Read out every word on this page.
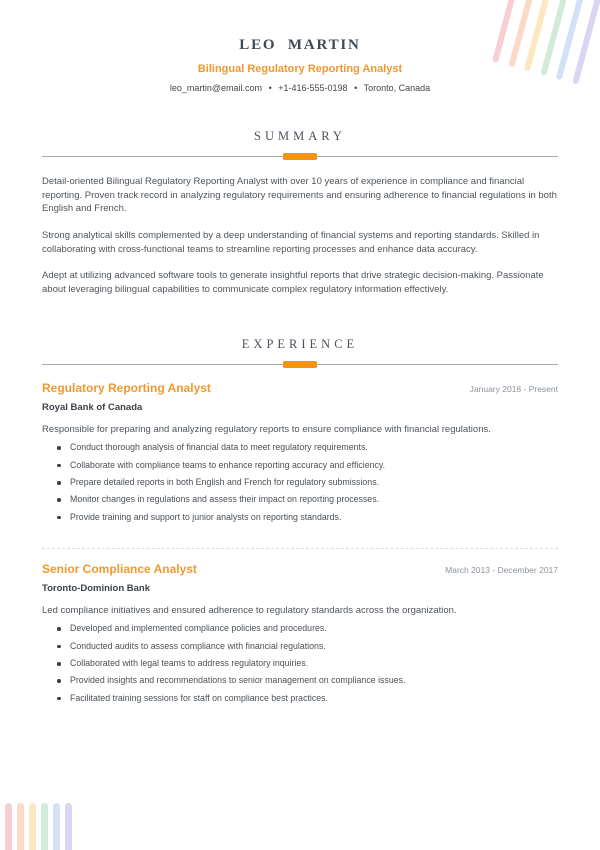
LEO MARTIN
Bilingual Regulatory Reporting Analyst
leo_martin@email.com • +1-416-555-0198 • Toronto, Canada
SUMMARY

Detail-oriented Bilingual Regulatory Reporting Analyst with over 10 years of experience in compliance and financial reporting. Proven track record in analyzing regulatory requirements and ensuring adherence to financial regulations in both English and French.

Strong analytical skills complemented by a deep understanding of financial systems and reporting standards. Skilled in collaborating with cross-functional teams to streamline reporting processes and enhance data accuracy.

Adept at utilizing advanced software tools to generate insightful reports that drive strategic decision-making. Passionate about leveraging bilingual capabilities to communicate complex regulatory information effectively.

EXPERIENCE
Regulatory Reporting Analyst	January 2018 - Present
Royal Bank of Canada
Responsible for preparing and analyzing regulatory reports to ensure compliance with financial regulations.
Conduct thorough analysis of financial data to meet regulatory requirements.
Collaborate with compliance teams to enhance reporting accuracy and efficiency.
Prepare detailed reports in both English and French for regulatory submissions.
Monitor changes in regulations and assess their impact on reporting processes.
Provide training and support to junior analysts on reporting standards.
Senior Compliance Analyst	March 2013 - December 2017
Toronto-Dominion Bank
Led compliance initiatives and ensured adherence to regulatory standards across the organization.
Developed and implemented compliance policies and procedures.
Conducted audits to assess compliance with financial regulations.
Collaborated with legal teams to address regulatory inquiries.
Provided insights and recommendations to senior management on compliance issues.
Facilitated training sessions for staff on compliance best practices.
